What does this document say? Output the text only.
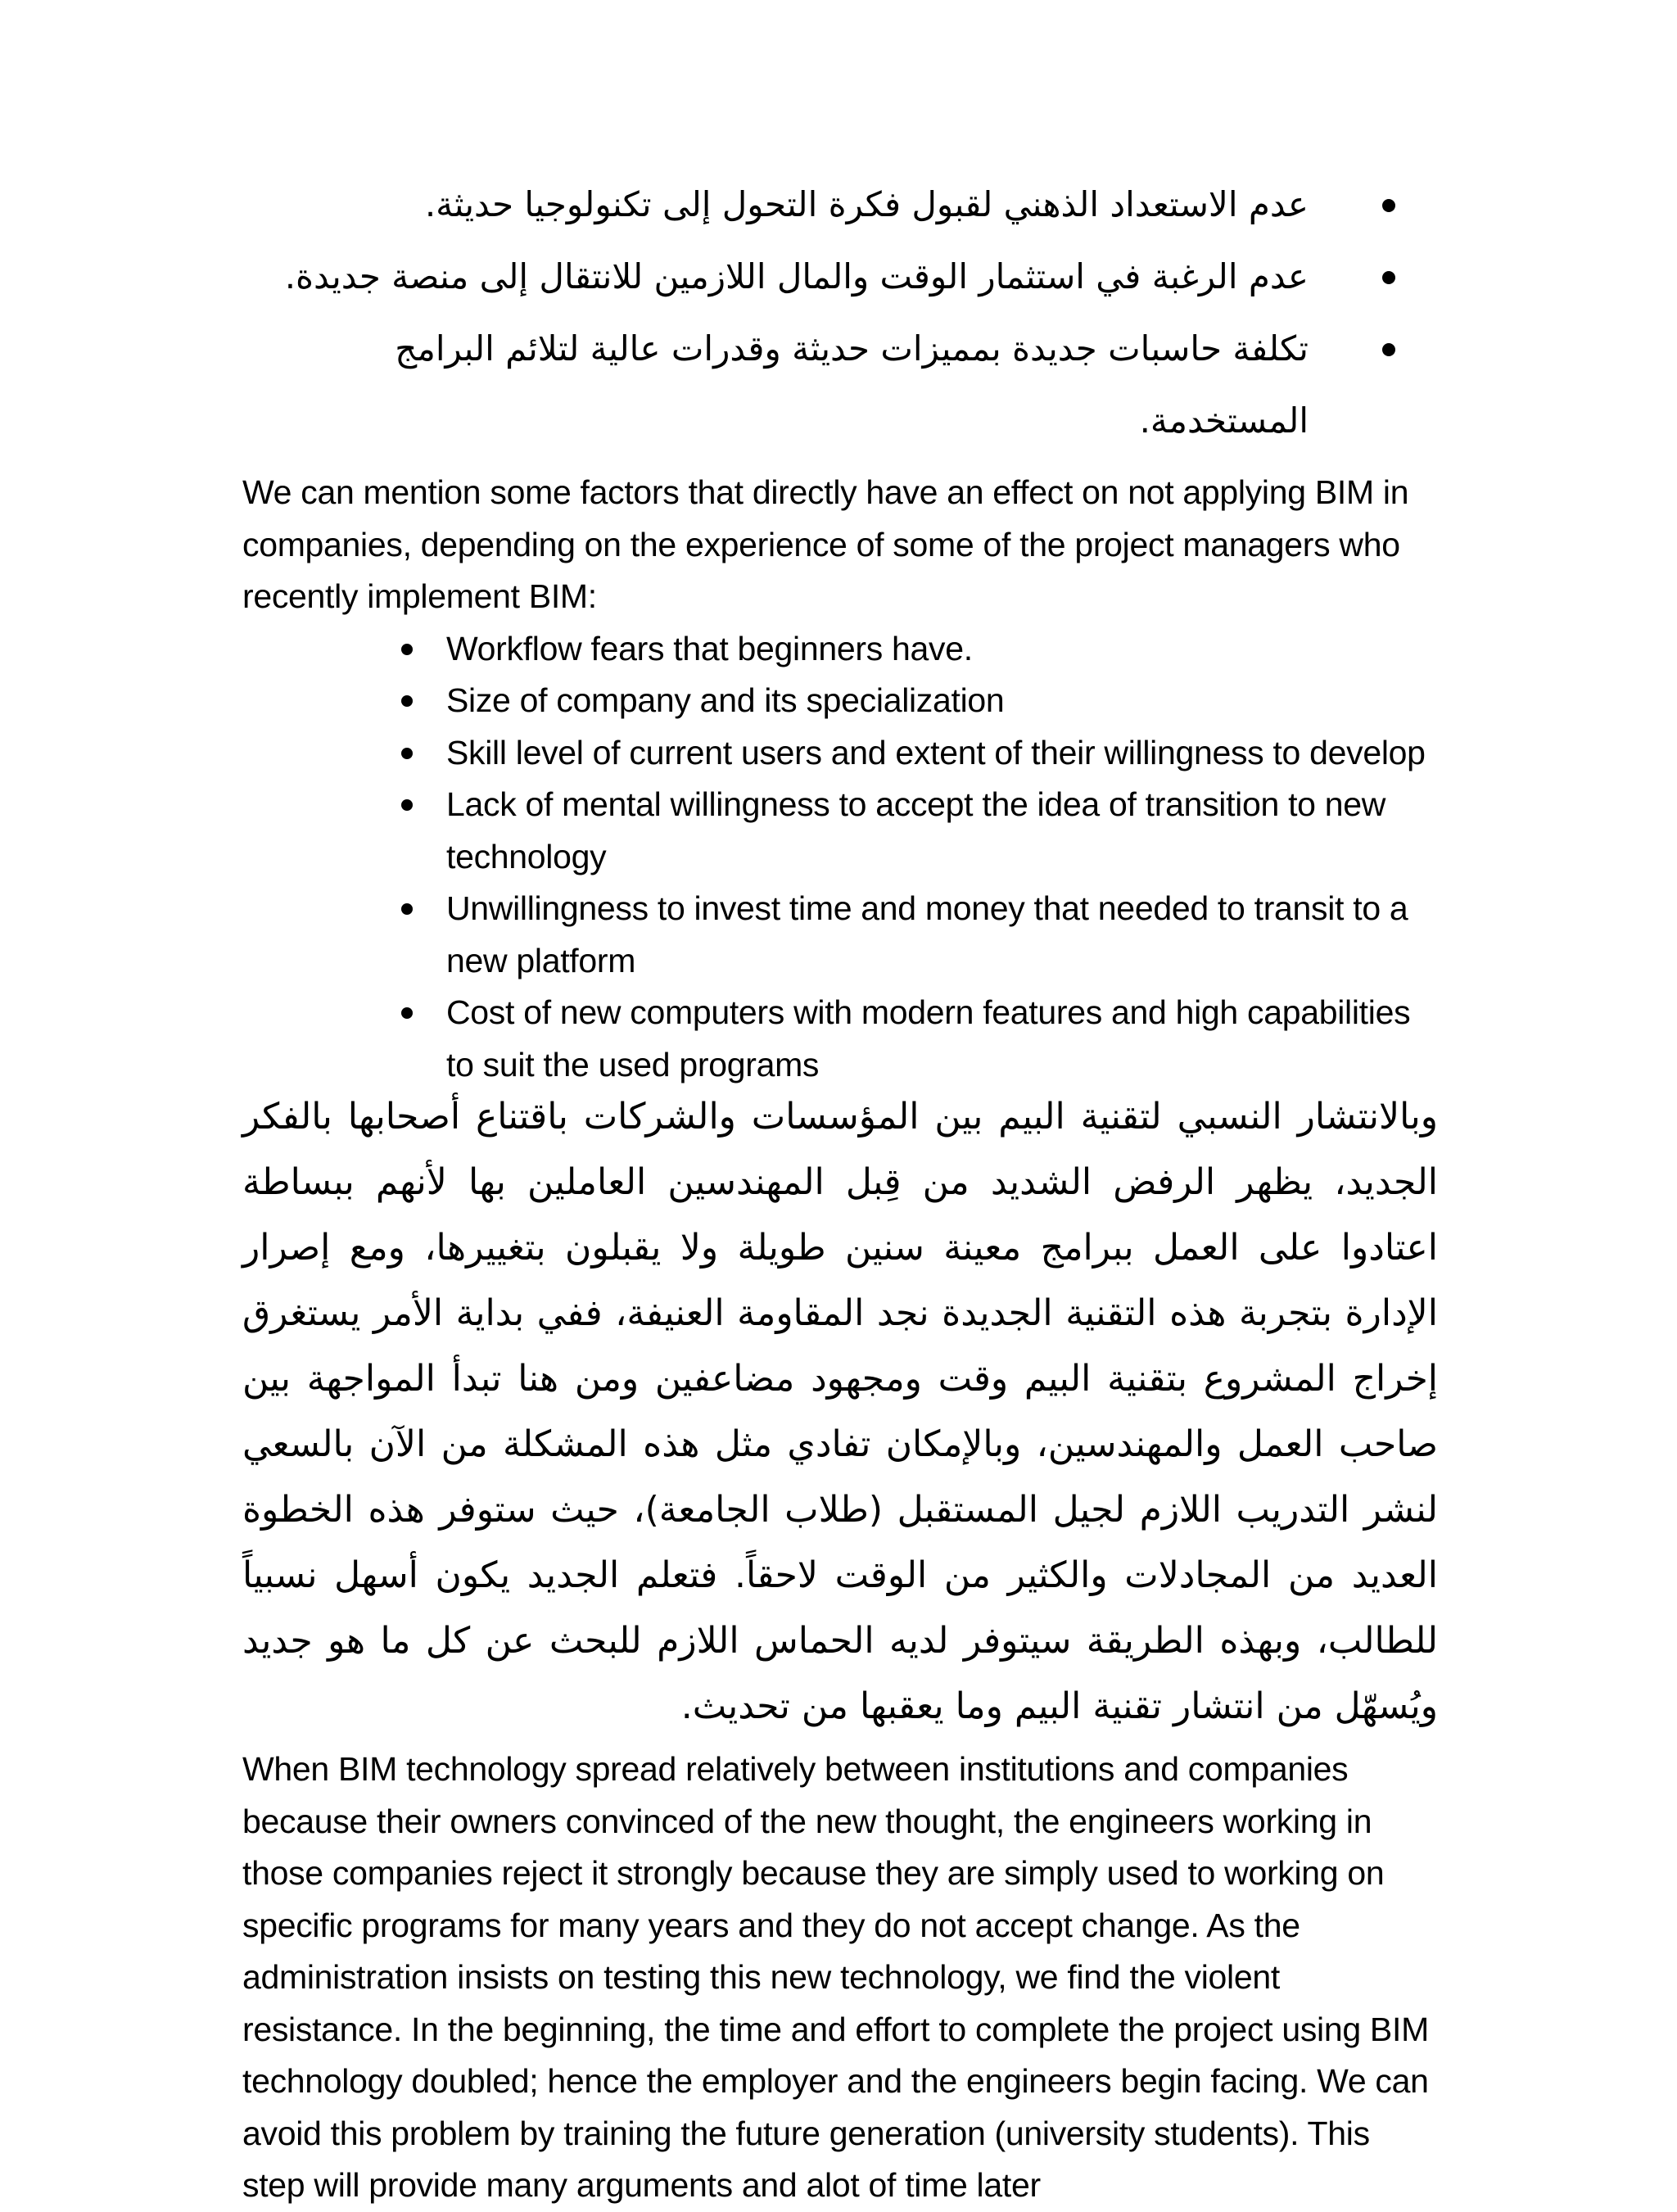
عدم الاستعداد الذهني لقبول فكرة التحول إلى تكنولوجيا حديثة.
عدم الرغبة في استثمار الوقت والمال اللازمين للانتقال إلى منصة جديدة.
تكلفة حاسبات جديدة بمميزات حديثة وقدرات عالية لتلائم البرامج المستخدمة.

We can mention some factors that directly have an effect on not applying BIM in companies, depending on the experience of some of the project managers who recently implement BIM:

Workflow fears that beginners have.
Size of company and its specialization
Skill level of current users and extent of their willingness to develop
Lack of mental willingness to accept the idea of transition to new technology
Unwillingness to invest time and money that needed to transit to a new platform
Cost of new computers with modern features and high capabilities to suit the used programs

وبالانتشار النسبي لتقنية البيم بين المؤسسات والشركات باقتناع أصحابها بالفكر الجديد، يظهر الرفض الشديد من قِبل المهندسين العاملين بها لأنهم ببساطة اعتادوا على العمل ببرامج معينة سنين طويلة ولا يقبلون بتغييرها، ومع إصرار الإدارة بتجربة هذه التقنية الجديدة نجد المقاومة العنيفة، ففي بداية الأمر يستغرق إخراج المشروع بتقنية البيم وقت ومجهود مضاعفين ومن هنا تبدأ المواجهة بين صاحب العمل والمهندسين، وبالإمكان تفادي مثل هذه المشكلة من الآن بالسعي لنشر التدريب اللازم لجيل المستقبل (طلاب الجامعة)، حيث ستوفر هذه الخطوة العديد من المجادلات والكثير من الوقت لاحقاً. فتعلم الجديد يكون أسهل نسبياً للطالب، وبهذه الطريقة سيتوفر لديه الحماس اللازم للبحث عن كل ما هو جديد ويُسهّل من انتشار تقنية البيم وما يعقبها من تحديث.

When BIM technology spread relatively between institutions and companies because their owners convinced of the new thought, the engineers working in those companies reject it strongly because they are simply used to working on specific programs for many years and they do not accept change. As the administration insists on testing this new technology, we find the violent resistance. In the beginning, the time and effort to complete the project using BIM technology doubled; hence the employer and the engineers begin facing. We can avoid this problem by training the future generation (university students). This step will provide many arguments and alot of time later
